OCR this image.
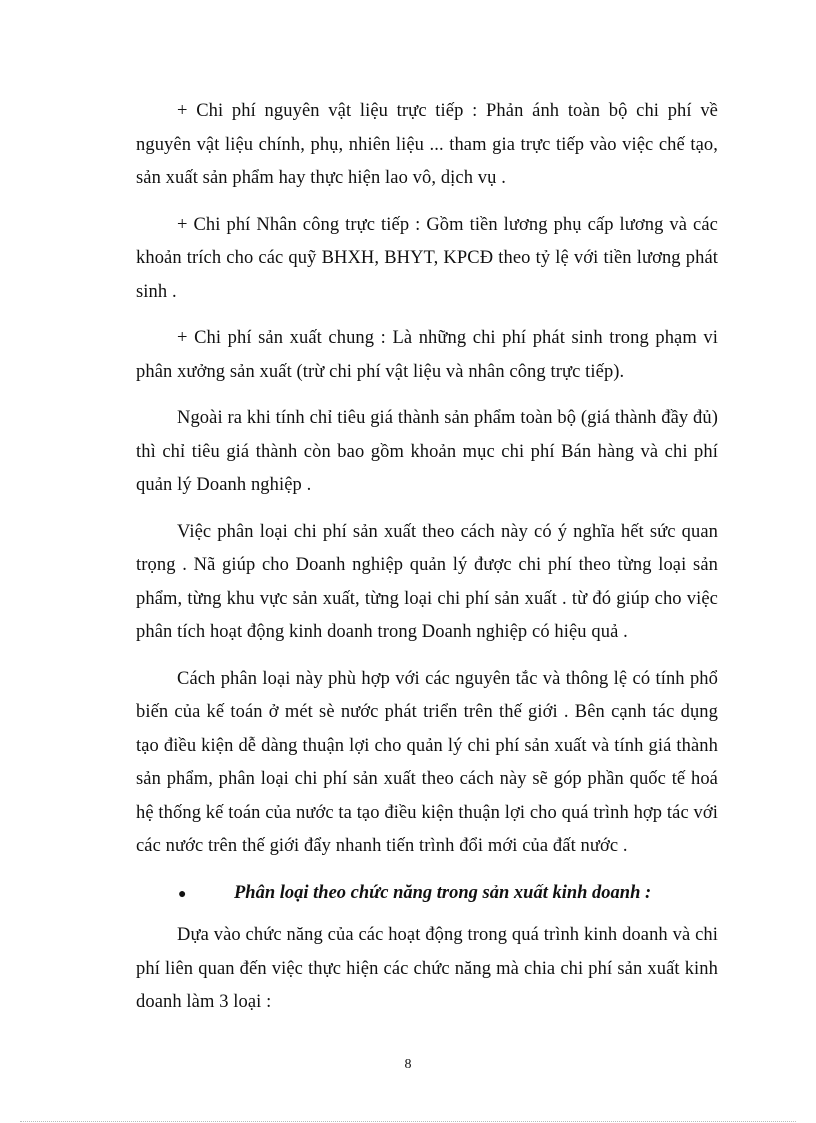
+ Chi phí nguyên vật liệu trực tiếp : Phản ánh toàn bộ chi phí về nguyên vật liệu chính, phụ, nhiên liệu ... tham gia trực tiếp vào việc chế tạo, sản xuất sản phẩm hay thực hiện lao vô, dịch vụ .

+ Chi phí Nhân công trực tiếp : Gồm tiền lương phụ cấp lương và các khoản trích cho các quỹ BHXH, BHYT, KPCĐ theo tỷ lệ với tiền lương phát sinh .

+ Chi phí sản xuất chung : Là những chi phí phát sinh trong phạm vi phân xưởng sản xuất (trừ chi phí vật liệu và nhân công trực tiếp).

Ngoài ra khi tính chỉ tiêu giá thành sản phẩm toàn bộ (giá thành đầy đủ) thì chỉ tiêu giá thành còn bao gồm khoản mục chi phí Bán hàng và chi phí quản lý Doanh nghiệp .

Việc phân loại chi phí sản xuất theo cách này có ý nghĩa hết sức quan trọng . Nã giúp cho Doanh nghiệp quản lý được chi phí theo từng loại sản phẩm, từng khu vực sản xuất, từng loại chi phí sản xuất . từ đó giúp cho việc phân tích hoạt động kinh doanh trong Doanh nghiệp có hiệu quả .

Cách phân loại này phù hợp với các nguyên tắc và thông lệ có tính phổ biến của kế toán ở mét sè nước phát triển trên thế giới . Bên cạnh tác dụng tạo điều kiện dễ dàng thuận lợi cho quản lý chi phí sản xuất và tính giá thành sản phẩm, phân loại chi phí sản xuất theo cách này sẽ góp phần quốc tế hoá hệ thống kế toán của nước ta tạo điều kiện thuận lợi cho quá trình hợp tác với các nước trên thế giới đẩy nhanh tiến trình đổi mới của đất nước .

●	Phân loại theo chức năng trong sản xuất kinh doanh :

Dựa vào chức năng của các hoạt động trong quá trình kinh doanh và chi phí liên quan đến việc thực hiện các chức năng mà chia chi phí sản xuất kinh doanh làm 3 loại :

8
